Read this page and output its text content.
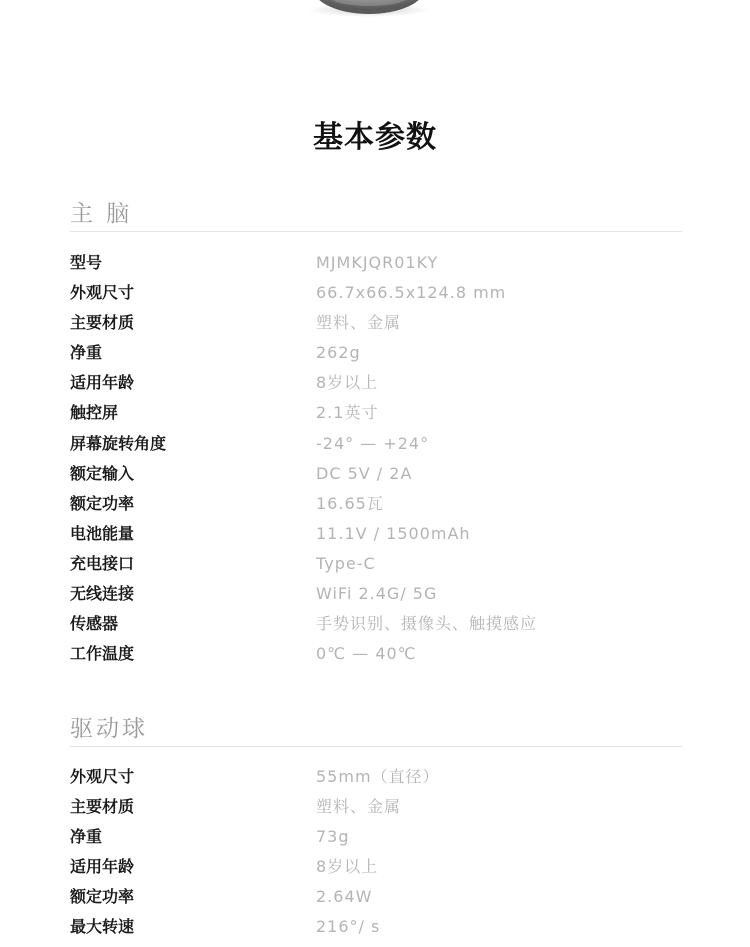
基本参数
主 脑
型号	MJMKJQR01KY
外观尺寸	66.7x66.5x124.8 mm
主要材质	塑料、金属
净重	262g
适用年龄	8岁以上
触控屏	2.1英寸
屏幕旋转角度	-24° — +24°
额定输入	DC 5V / 2A
额定功率	16.65瓦
电池能量	11.1V / 1500mAh
充电接口	Type-C
无线连接	WiFi 2.4G/ 5G
传感器	手势识别、摄像头、触摸感应
工作温度	0℃ — 40℃
驱动球
外观尺寸	55mm（直径）
主要材质	塑料、金属
净重	73g
适用年龄	8岁以上
额定功率	2.64W
最大转速	216°/ s
